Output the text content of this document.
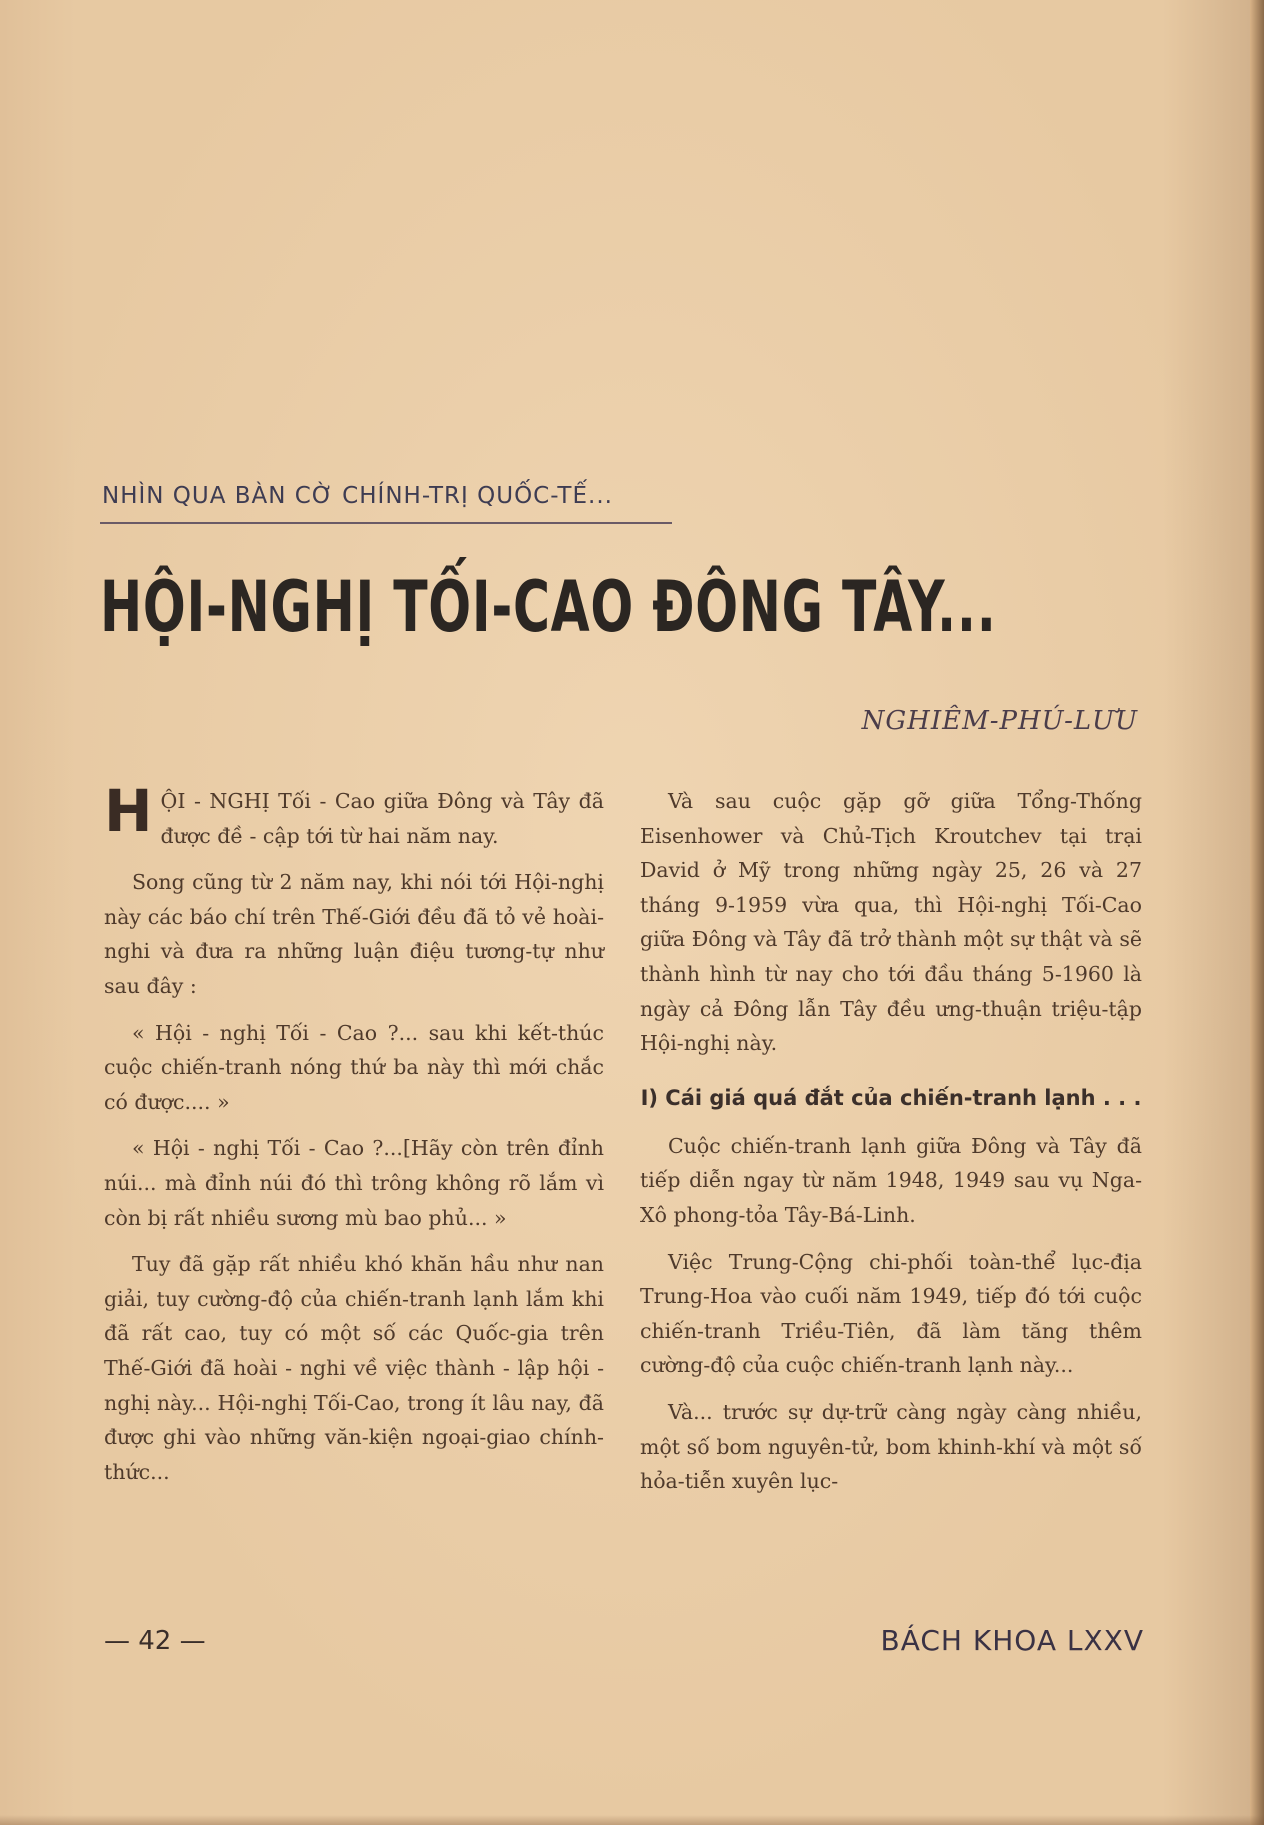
NHÌN QUA BÀN CỜ CHÍNH-TRỊ QUỐC-TẾ...
HỘI-NGHỊ TỐI-CAO ĐÔNG TÂY...
NGHIÊM-PHÚ-LƯU

HỘI - NGHỊ Tối - Cao giữa Đông và Tây đã được đề - cập tới từ hai năm nay.

Song cũng từ 2 năm nay, khi nói tới Hội-nghị này các báo chí trên Thế-Giới đều đã tỏ vẻ hoài-nghi và đưa ra những luận điệu tương-tự như sau đây :

« Hội - nghị Tối - Cao ?... sau khi kết-thúc cuộc chiến-tranh nóng thứ ba này thì mới chắc có được.... »

« Hội - nghị Tối - Cao ?...[Hãy còn trên đỉnh núi... mà đỉnh núi đó thì trông không rõ lắm vì còn bị rất nhiều sương mù bao phủ... »

Tuy đã gặp rất nhiều khó khăn hầu như nan giải, tuy cường-độ của chiến-tranh lạnh lắm khi đã rất cao, tuy có một số các Quốc-gia trên Thế-Giới đã hoài - nghi về việc thành - lập hội - nghị này... Hội-nghị Tối-Cao, trong ít lâu nay, đã được ghi vào những văn-kiện ngoại-giao chính-thức...

Và sau cuộc gặp gỡ giữa Tổng-Thống Eisenhower và Chủ-Tịch Kroutchev tại trại David ở Mỹ trong những ngày 25, 26 và 27 tháng 9-1959 vừa qua, thì Hội-nghị Tối-Cao giữa Đông và Tây đã trở thành một sự thật và sẽ thành hình từ nay cho tới đầu tháng 5-1960 là ngày cả Đông lẫn Tây đều ưng-thuận triệu-tập Hội-nghị này.

I) Cái giá quá đắt của chiến-tranh lạnh . . .

Cuộc chiến-tranh lạnh giữa Đông và Tây đã tiếp diễn ngay từ năm 1948, 1949 sau vụ Nga-Xô phong-tỏa Tây-Bá-Linh.

Việc Trung-Cộng chi-phối toàn-thể lục-địa Trung-Hoa vào cuối năm 1949, tiếp đó tới cuộc chiến-tranh Triều-Tiên, đã làm tăng thêm cường-độ của cuộc chiến-tranh lạnh này...

Và... trước sự dự-trữ càng ngày càng nhiều, một số bom nguyên-tử, bom khinh-khí và một số hỏa-tiễn xuyên lục-

— 42 —	BÁCH KHOA LXXV
